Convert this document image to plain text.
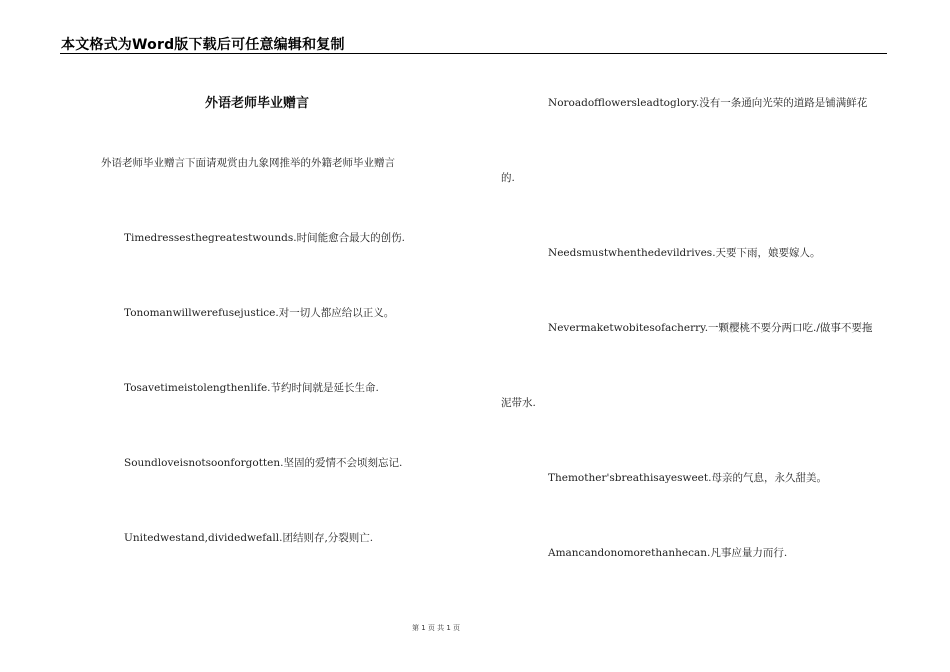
本文格式为Word版下载后可任意编辑和复制
外语老师毕业赠言
外语老师毕业赠言下面请观赏由九象网推举的外籍老师毕业赠言
Timedressesthegreatestwounds.时间能愈合最大的创伤.
Tonomanwillwerefusejustice.对一切人都应给以正义。
Tosavetimeistolengthenlife.节约时间就是延长生命.
Soundloveisnotsoonforgotten.坚固的爱情不会顷刻忘记.
Unitedwestand,dividedwefall.团结则存,分裂则亡.
Noroadofflowersleadtoglory.没有一条通向光荣的道路是铺满鲜花
的.
Needsmustwhenthedevildrives.天要下雨，娘要嫁人。
Nevermaketwobitesofacherry.一颗樱桃不要分两口吃./做事不要拖
泥带水.
Themother'sbreathisayesweet.母亲的气息，永久甜美。
Amancandonomorethanhecan.凡事应量力而行.
第 1 页 共 1 页
